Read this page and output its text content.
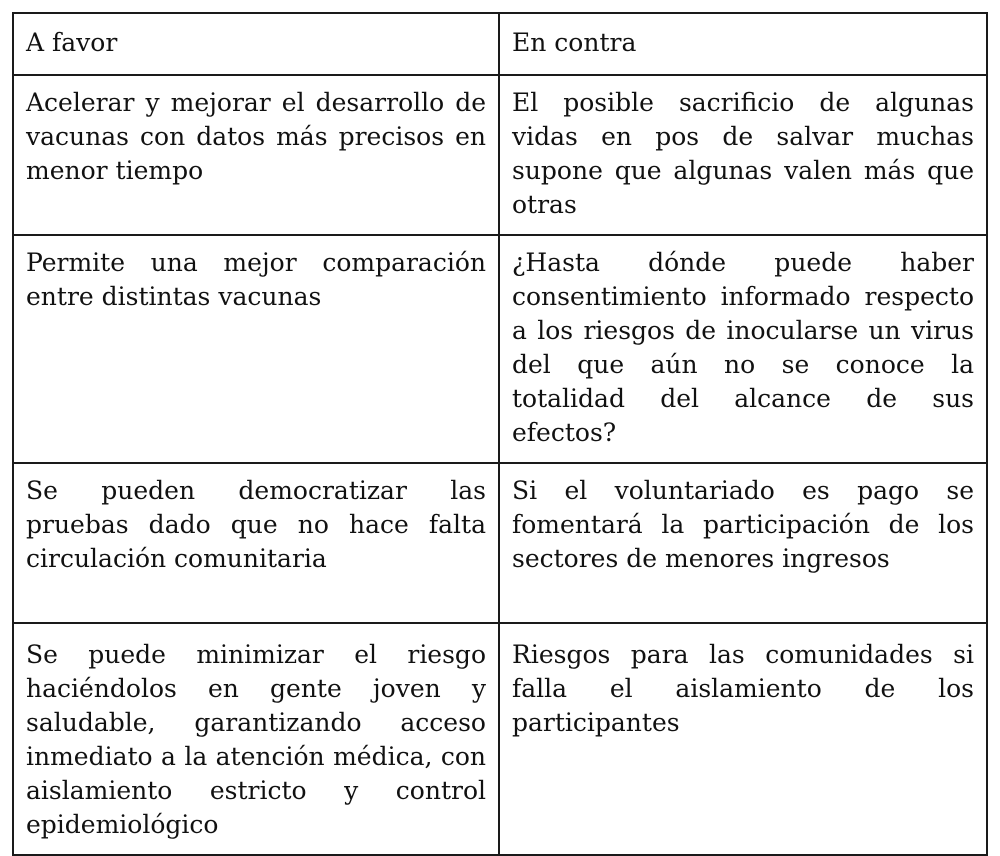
A favor	En contra
Acelerar y mejorar el desarrollo de vacunas con datos más precisos en menor tiempo	El posible sacrificio de algunas vidas en pos de salvar muchas supone que algunas valen más que otras
Permite una mejor comparación entre distintas vacunas	¿Hasta dónde puede haber consentimiento informado respecto a los riesgos de inocularse un virus del que aún no se conoce la totalidad del alcance de sus efectos?
Se pueden democratizar las pruebas dado que no hace falta circulación comunitaria	Si el voluntariado es pago se fomentará la participación de los sectores de menores ingresos
Se puede minimizar el riesgo haciéndolos en gente joven y saludable, garantizando acceso inmediato a la atención médica, con aislamiento estricto y control epidemiológico	Riesgos para las comunidades si falla el aislamiento de los participantes
